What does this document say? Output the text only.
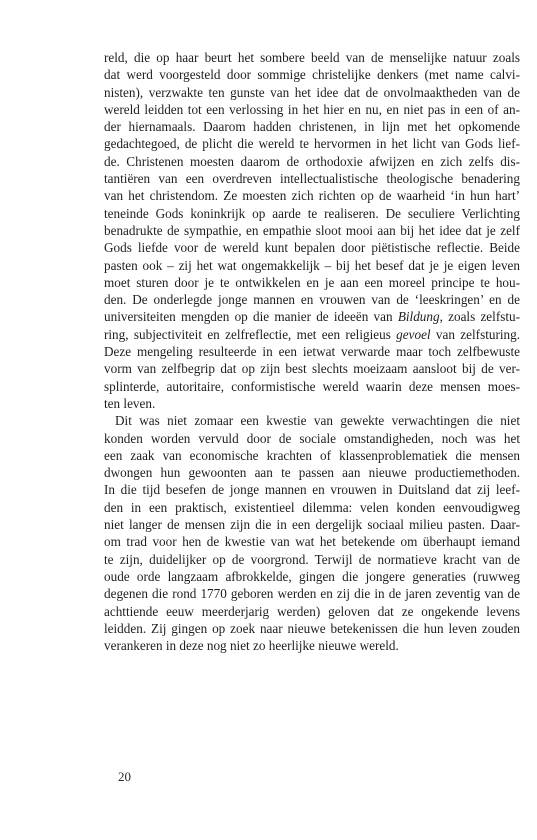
reld, die op haar beurt het sombere beeld van de menselijke natuur zoals
dat werd voorgesteld door sommige christelijke denkers (met name calvi-
nisten), verzwakte ten gunste van het idee dat de onvolmaaktheden van de
wereld leidden tot een verlossing in het hier en nu, en niet pas in een of an-
der hiernamaals. Daarom hadden christenen, in lijn met het opkomende
gedachtegoed, de plicht die wereld te hervormen in het licht van Gods lief-
de. Christenen moesten daarom de orthodoxie afwijzen en zich zelfs dis-
tantiëren van een overdreven intellectualistische theologische benadering
van het christendom. Ze moesten zich richten op de waarheid ‘in hun hart’
teneinde Gods koninkrijk op aarde te realiseren. De seculiere Verlichting
benadrukte de sympathie, en empathie sloot mooi aan bij het idee dat je zelf
Gods liefde voor de wereld kunt bepalen door piëtistische reflectie. Beide
pasten ook – zij het wat ongemakkelijk – bij het besef dat je je eigen leven
moet sturen door je te ontwikkelen en je aan een moreel principe te hou-
den. De onderlegde jonge mannen en vrouwen van de ‘leeskringen’ en de
universiteiten mengden op die manier de ideeën van Bildung, zoals zelfstu-
ring, subjectiviteit en zelfreflectie, met een religieus gevoel van zelfsturing.
Deze mengeling resulteerde in een ietwat verwarde maar toch zelfbewuste
vorm van zelfbegrip dat op zijn best slechts moeizaam aansloot bij de ver-
splinterde, autoritaire, conformistische wereld waarin deze mensen moes-
ten leven.
Dit was niet zomaar een kwestie van gewekte verwachtingen die niet
konden worden vervuld door de sociale omstandigheden, noch was het
een zaak van economische krachten of klassenproblematiek die mensen
dwongen hun gewoonten aan te passen aan nieuwe productiemethoden.
In die tijd besefen de jonge mannen en vrouwen in Duitsland dat zij leef-
den in een praktisch, existentieel dilemma: velen konden eenvoudigweg
niet langer de mensen zijn die in een dergelijk sociaal milieu pasten. Daar-
om trad voor hen de kwestie van wat het betekende om überhaupt iemand
te zijn, duidelijker op de voorgrond. Terwijl de normatieve kracht van de
oude orde langzaam afbrokkelde, gingen die jongere generaties (ruwweg
degenen die rond 1770 geboren werden en zij die in de jaren zeventig van de
achttiende eeuw meerderjarig werden) geloven dat ze ongekende levens
leidden. Zij gingen op zoek naar nieuwe betekenissen die hun leven zouden
verankeren in deze nog niet zo heerlijke nieuwe wereld.
20
